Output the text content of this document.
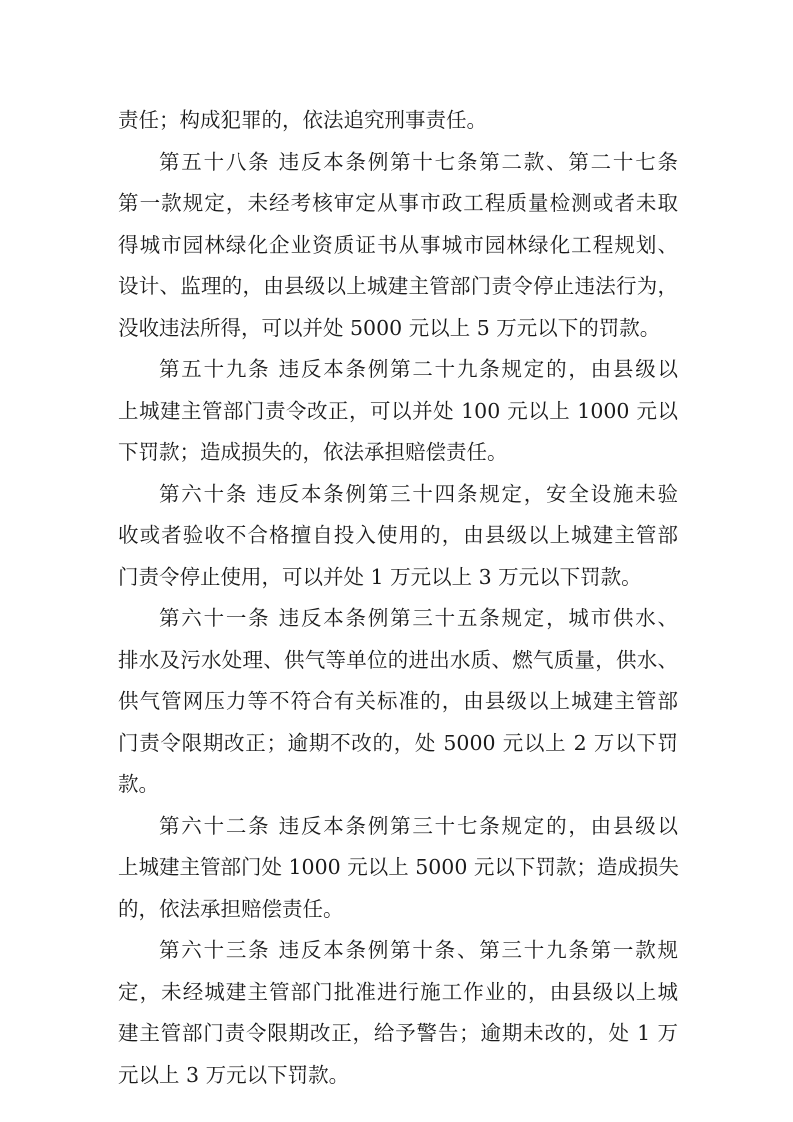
责任；构成犯罪的，依法追究刑事责任。
第五十八条 违反本条例第十七条第二款、第二十七条
第一款规定，未经考核审定从事市政工程质量检测或者未取
得城市园林绿化企业资质证书从事城市园林绿化工程规划、
设计、监理的，由县级以上城建主管部门责令停止违法行为，
没收违法所得，可以并处 5000 元以上 5 万元以下的罚款。
第五十九条 违反本条例第二十九条规定的，由县级以
上城建主管部门责令改正，可以并处 100 元以上 1000 元以
下罚款；造成损失的，依法承担赔偿责任。
第六十条 违反本条例第三十四条规定，安全设施未验
收或者验收不合格擅自投入使用的，由县级以上城建主管部
门责令停止使用，可以并处 1 万元以上 3 万元以下罚款。
第六十一条 违反本条例第三十五条规定，城市供水、
排水及污水处理、供气等单位的进出水质、燃气质量，供水、
供气管网压力等不符合有关标准的，由县级以上城建主管部
门责令限期改正；逾期不改的，处 5000 元以上 2 万以下罚
款。
第六十二条 违反本条例第三十七条规定的，由县级以
上城建主管部门处 1000 元以上 5000 元以下罚款；造成损失
的，依法承担赔偿责任。
第六十三条 违反本条例第十条、第三十九条第一款规
定，未经城建主管部门批准进行施工作业的，由县级以上城
建主管部门责令限期改正，给予警告；逾期未改的，处 1 万
元以上 3 万元以下罚款。
